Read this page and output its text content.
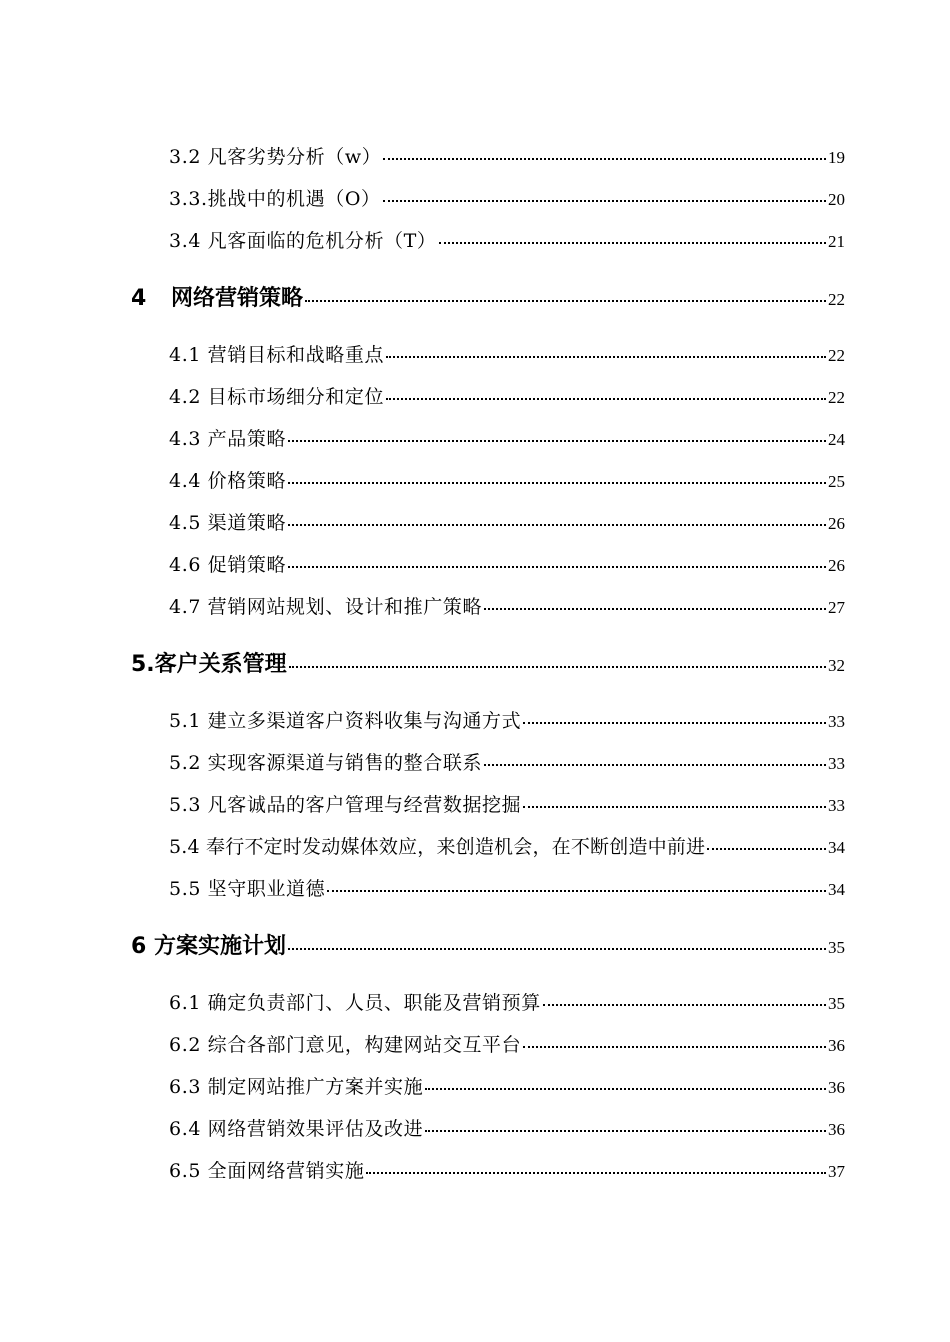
3.2 凡客劣势分析（w）	19
3.3.挑战中的机遇（O）	20
3.4 凡客面临的危机分析（T）	21
4	网络营销策略	22
4.1 营销目标和战略重点	22
4.2 目标市场细分和定位	22
4.3 产品策略	24
4.4 价格策略	25
4.5 渠道策略	26
4.6 促销策略	26
4.7 营销网站规划、设计和推广策略	27
5. 客户关系管理	32
5.1 建立多渠道客户资料收集与沟通方式	33
5.2 实现客源渠道与销售的整合联系	33
5.3 凡客诚品的客户管理与经营数据挖掘	33
5.4 奉行不定时发动媒体效应，来创造机会，在不断创造中前进	34
5.5 坚守职业道德	34
6 方案实施计划	35
6.1 确定负责部门、人员、职能及营销预算	35
6.2 综合各部门意见，构建网站交互平台	36
6.3 制定网站推广方案并实施	36
6.4 网络营销效果评估及改进	36
6.5 全面网络营销实施	37
